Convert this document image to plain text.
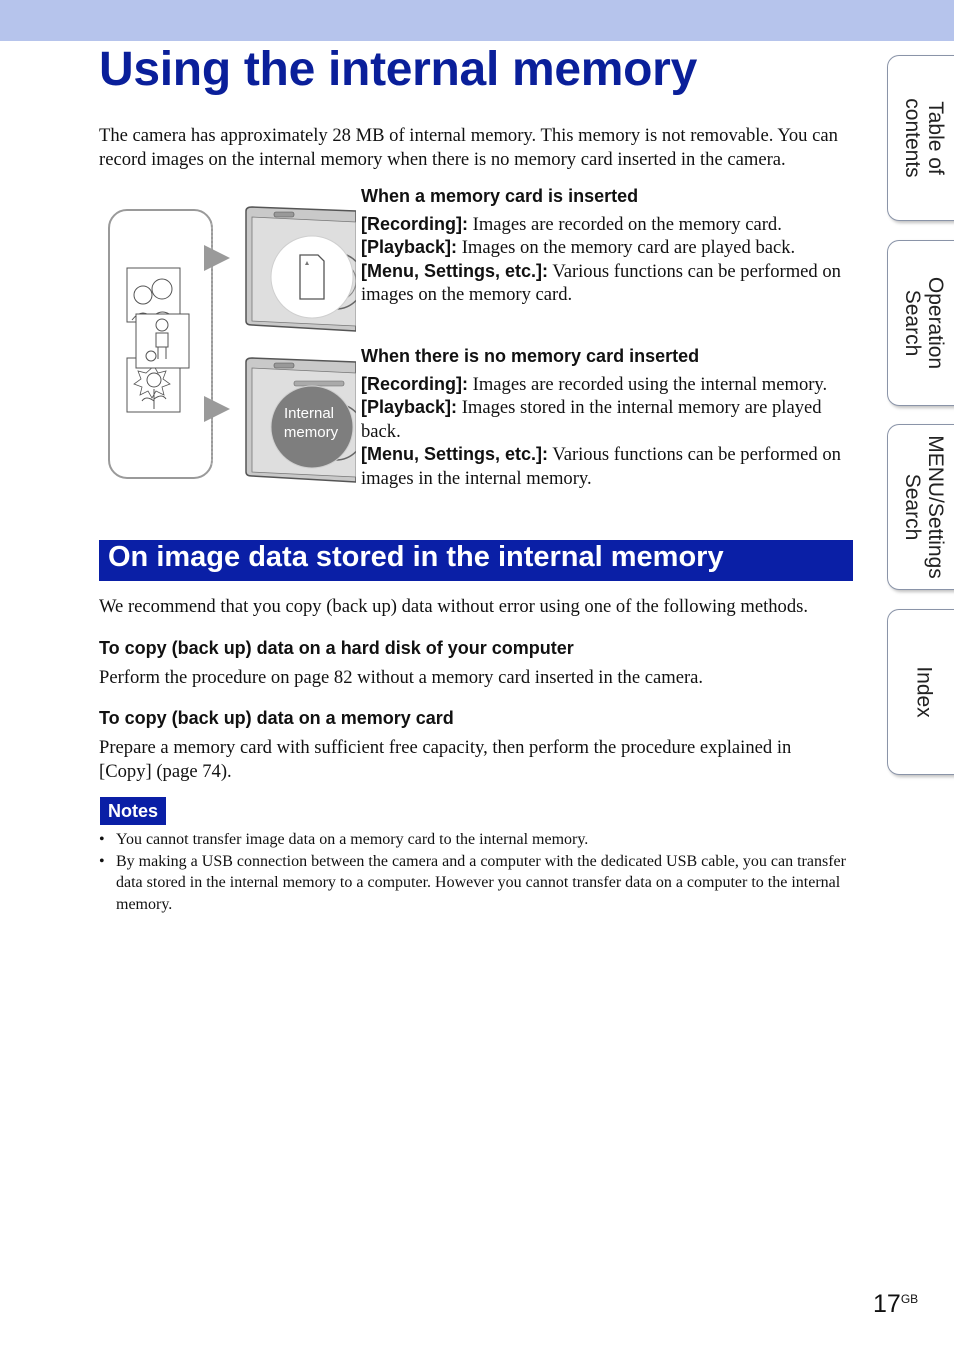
Using the internal memory

The camera has approximately 28 MB of internal memory. This memory is not removable. You can record images on the internal memory when there is no memory card inserted in the camera.

Internal
memory
When a memory card is inserted
[Recording]: Images are recorded on the memory card.
[Playback]: Images on the memory card are played back.
[Menu, Settings, etc.]: Various functions can be performed on images on the memory card.
When there is no memory card inserted
[Recording]: Images are recorded using the internal memory.
[Playback]: Images stored in the internal memory are played back.
[Menu, Settings, etc.]: Various functions can be performed on images in the internal memory.
On image data stored in the internal memory

We recommend that you copy (back up) data without error using one of the following methods.

To copy (back up) data on a hard disk of your computer

Perform the procedure on page 82 without a memory card inserted in the camera.

To copy (back up) data on a memory card

Prepare a memory card with sufficient free capacity, then perform the procedure explained in [Copy] (page 74).

Notes
• You cannot transfer image data on a memory card to the internal memory.
• By making a USB connection between the camera and a computer with the dedicated USB cable, you can transfer data stored in the internal memory to a computer. However you cannot transfer data on a computer to the internal memory.
Table of
contents
Operation
Search
MENU/Settings
Search
Index
$17^{GB}$
